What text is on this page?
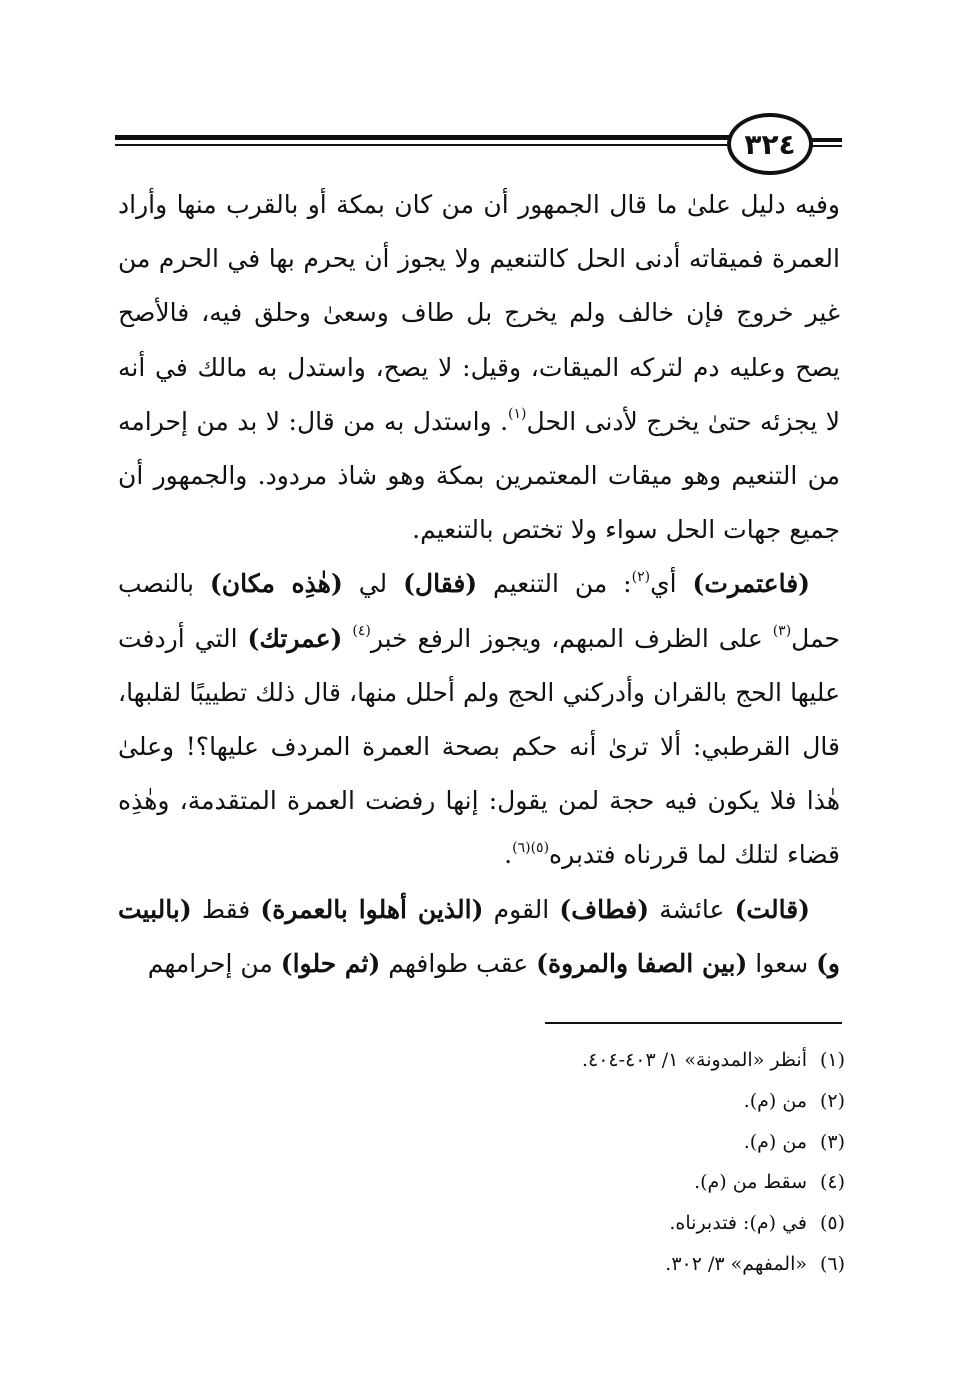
٣٢٤

وفيه دليل علىٰ ما قال الجمهور أن من كان بمكة أو بالقرب منها وأراد العمرة فميقاته أدنى الحل كالتنعيم ولا يجوز أن يحرم بها في الحرم من غير خروج فإن خالف ولم يخرج بل طاف وسعىٰ وحلق فيه، فالأصح يصح وعليه دم لتركه الميقات، وقيل: لا يصح، واستدل به مالك في أنه لا يجزئه حتىٰ يخرج لأدنى الحل$^{(١)}$. واستدل به من قال: لا بد من إحرامه من التنعيم وهو ميقات المعتمرين بمكة وهو شاذ مردود. والجمهور أن جميع جهات الحل سواء ولا تختص بالتنعيم.

(فاعتمرت) أي$^{(٢)}$: من التنعيم (فقال) لي (هٰذِه مكان) بالنصب حمل$^{(٣)}$ على الظرف المبهم، ويجوز الرفع خبر$^{(٤)}$ (عمرتك) التي أردفت عليها الحج بالقران وأدركني الحج ولم أحلل منها، قال ذلك تطييبًا لقلبها، قال القرطبي: ألا ترىٰ أنه حكم بصحة العمرة المردف عليها؟! وعلىٰ هٰذا فلا يكون فيه حجة لمن يقول: إنها رفضت العمرة المتقدمة، وهٰذِه قضاء لتلك لما قررناه فتدبره$^{(٥)(٦)}$.

(قالت) عائشة (فطاف) القوم (الذين أهلوا بالعمرة) فقط (بالبيت و) سعوا (بين الصفا والمروة) عقب طوافهم (ثم حلوا) من إحرامهم

(١)أنظر «المدونة» ١/ ٤٠٣-٤٠٤.
(٢)من (م).
(٣)من (م).
(٤)سقط من (م).
(٥)في (م): فتدبرناه.
(٦)«المفهم» ٣/ ٣٠٢.
